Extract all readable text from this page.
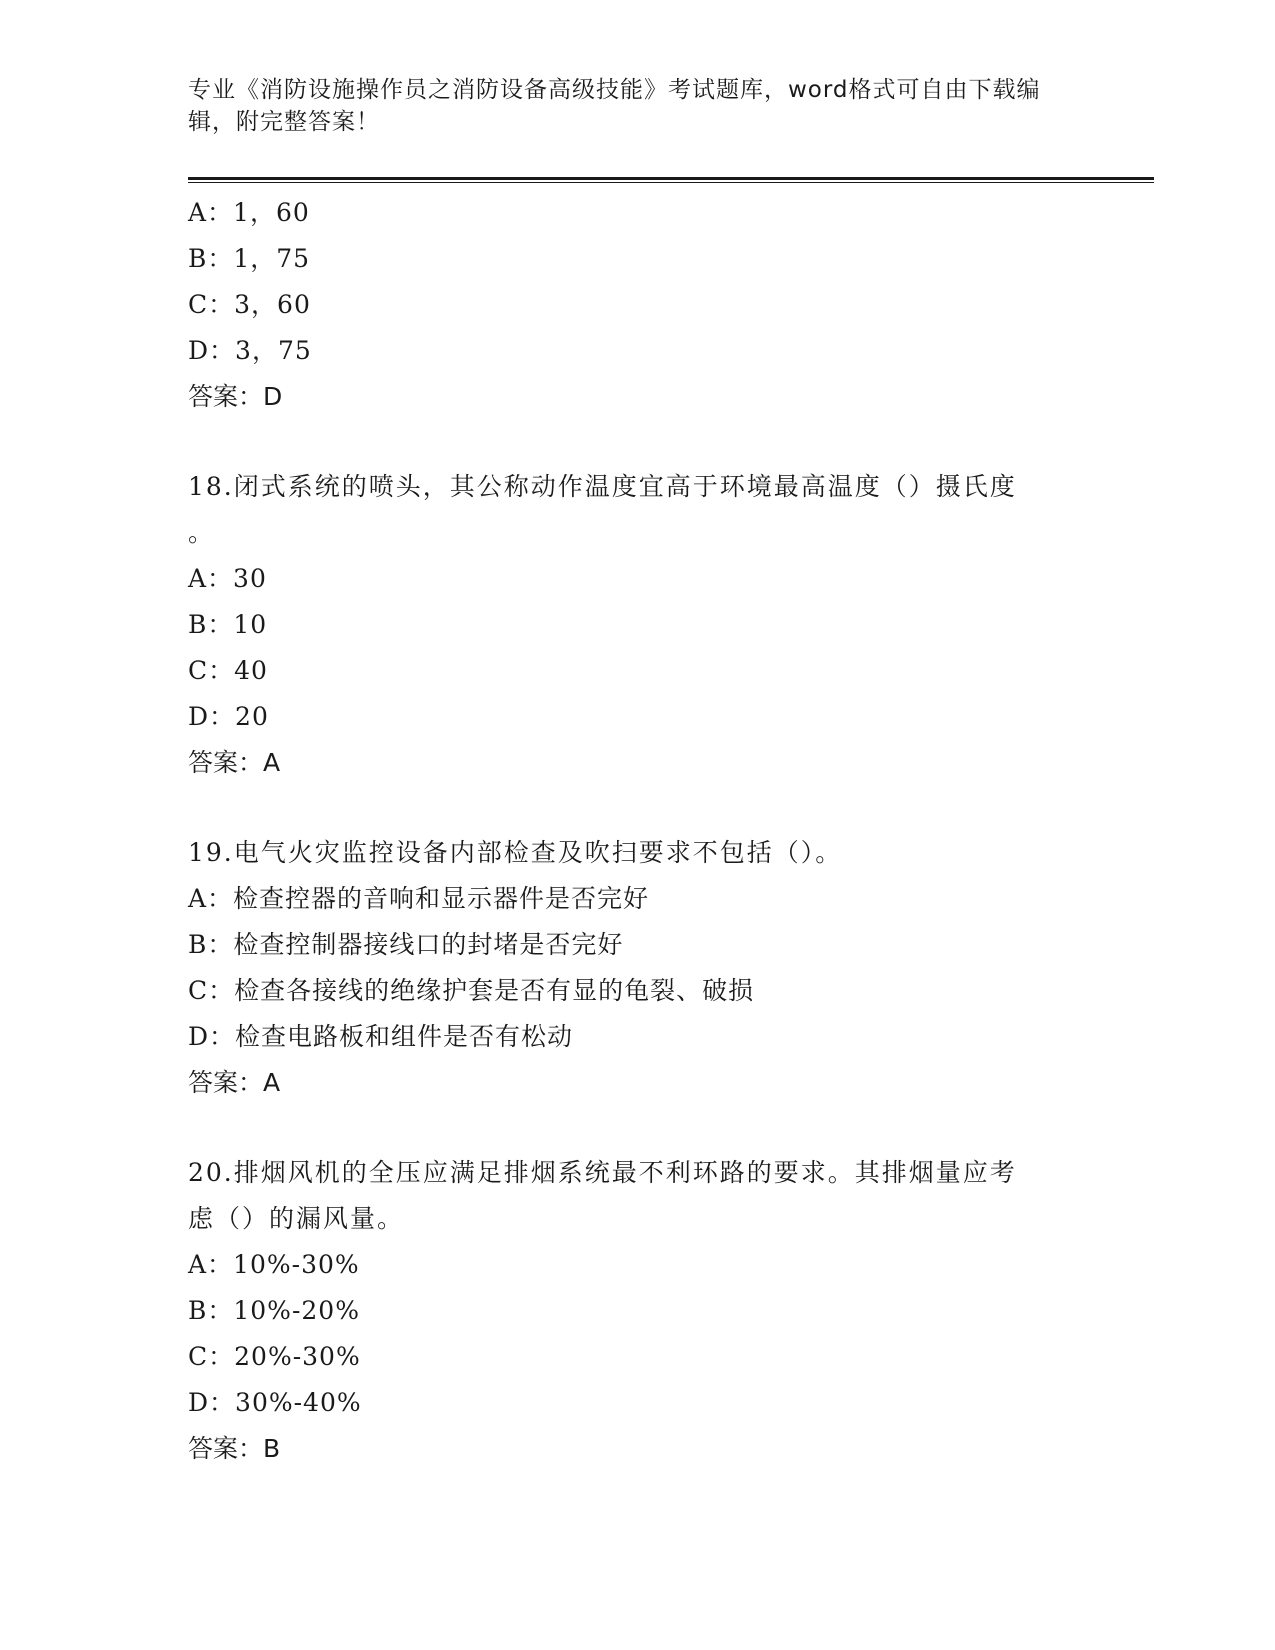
专业《消防设施操作员之消防设备高级技能》考试题库，word格式可自由下载编
辑，附完整答案！
A：1，60
B：1，75
C：3，60
D：3，75
答案：D
18.闭式系统的喷头，其公称动作温度宜高于环境最高温度（）摄氏度
。
A：30
B：10
C：40
D：20
答案：A
19.电气火灾监控设备内部检查及吹扫要求不包括（）。
A：检查控器的音响和显示器件是否完好
B：检查控制器接线口的封堵是否完好
C：检查各接线的绝缘护套是否有显的龟裂、破损
D：检查电路板和组件是否有松动
答案：A
20.排烟风机的全压应满足排烟系统最不利环路的要求。其排烟量应考
虑（）的漏风量。
A：10%-30%
B：10%-20%
C：20%-30%
D：30%-40%
答案：B
